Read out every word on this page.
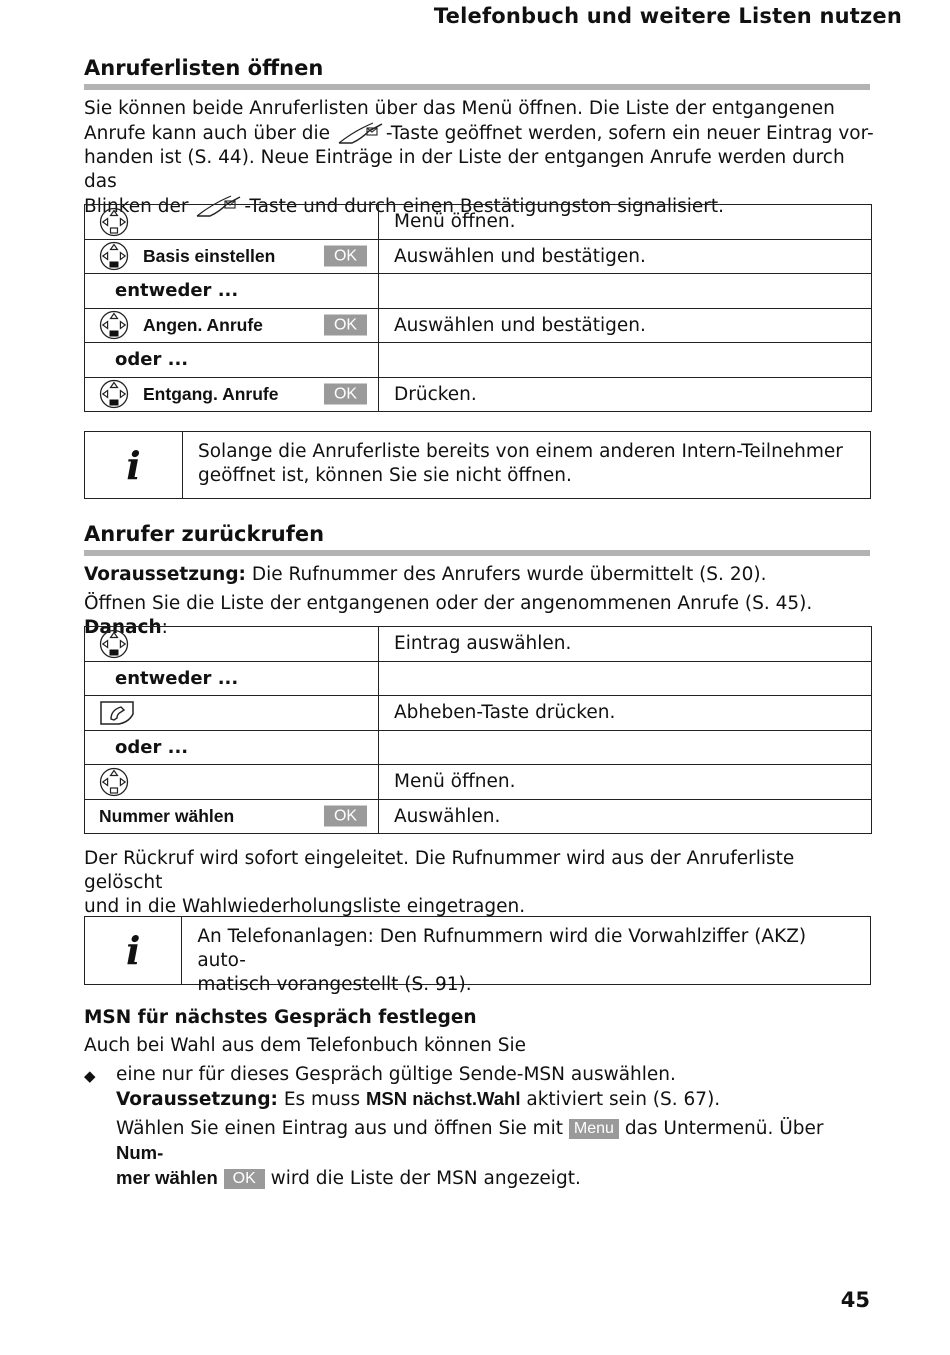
Telefonbuch und weitere Listen nutzen
Anruferlisten öffnen
Sie können beide Anruferlisten über das Menü öffnen. Die Liste der entgangenen
Anrufe kann auch über die	-Taste geöffnet werden, sofern ein neuer Eintrag vor-
handen ist (S. 44). Neue Einträge in der Liste der entgangen Anrufe werden durch das
Blinken der	-Taste und durch einen Bestätigungston signalisiert.
	Menü öffnen.

Basis einstellen OK	Auswählen und bestätigen.

entweder ...	

Angen. Anrufe OK	Auswählen und bestätigen.

oder ...	

Entgang. Anrufe OK	Drücken.
i	Solange die Anruferliste bereits von einem anderen Intern-Teilnehmer
geöffnet ist, können Sie sie nicht öffnen.
Anrufer zurückrufen
Voraussetzung: Die Rufnummer des Anrufers wurde übermittelt (S. 20).
Öffnen Sie die Liste der entgangenen oder der angenommenen Anrufe (S. 45). Danach:
	Eintrag auswählen.

entweder ...	

	Abheben-Taste drücken.

oder ...	

	Menü öffnen.

Nummer wählen OK	Auswählen.
Der Rückruf wird sofort eingeleitet. Die Rufnummer wird aus der Anruferliste gelöscht
und in die Wahlwiederholungsliste eingetragen.
i	An Telefonanlagen: Den Rufnummern wird die Vorwahlziffer (AKZ) auto-
matisch vorangestellt (S. 91).
MSN für nächstes Gespräch festlegen
Auch bei Wahl aus dem Telefonbuch können Sie
◆ eine nur für dieses Gespräch gültige Sende-MSN auswählen.
Voraussetzung: Es muss MSN nächst.Wahl aktiviert sein (S. 67).
Wählen Sie einen Eintrag aus und öffnen Sie mit Menu das Untermenü. Über Num-
mer wählen OK wird die Liste der MSN angezeigt.
45
